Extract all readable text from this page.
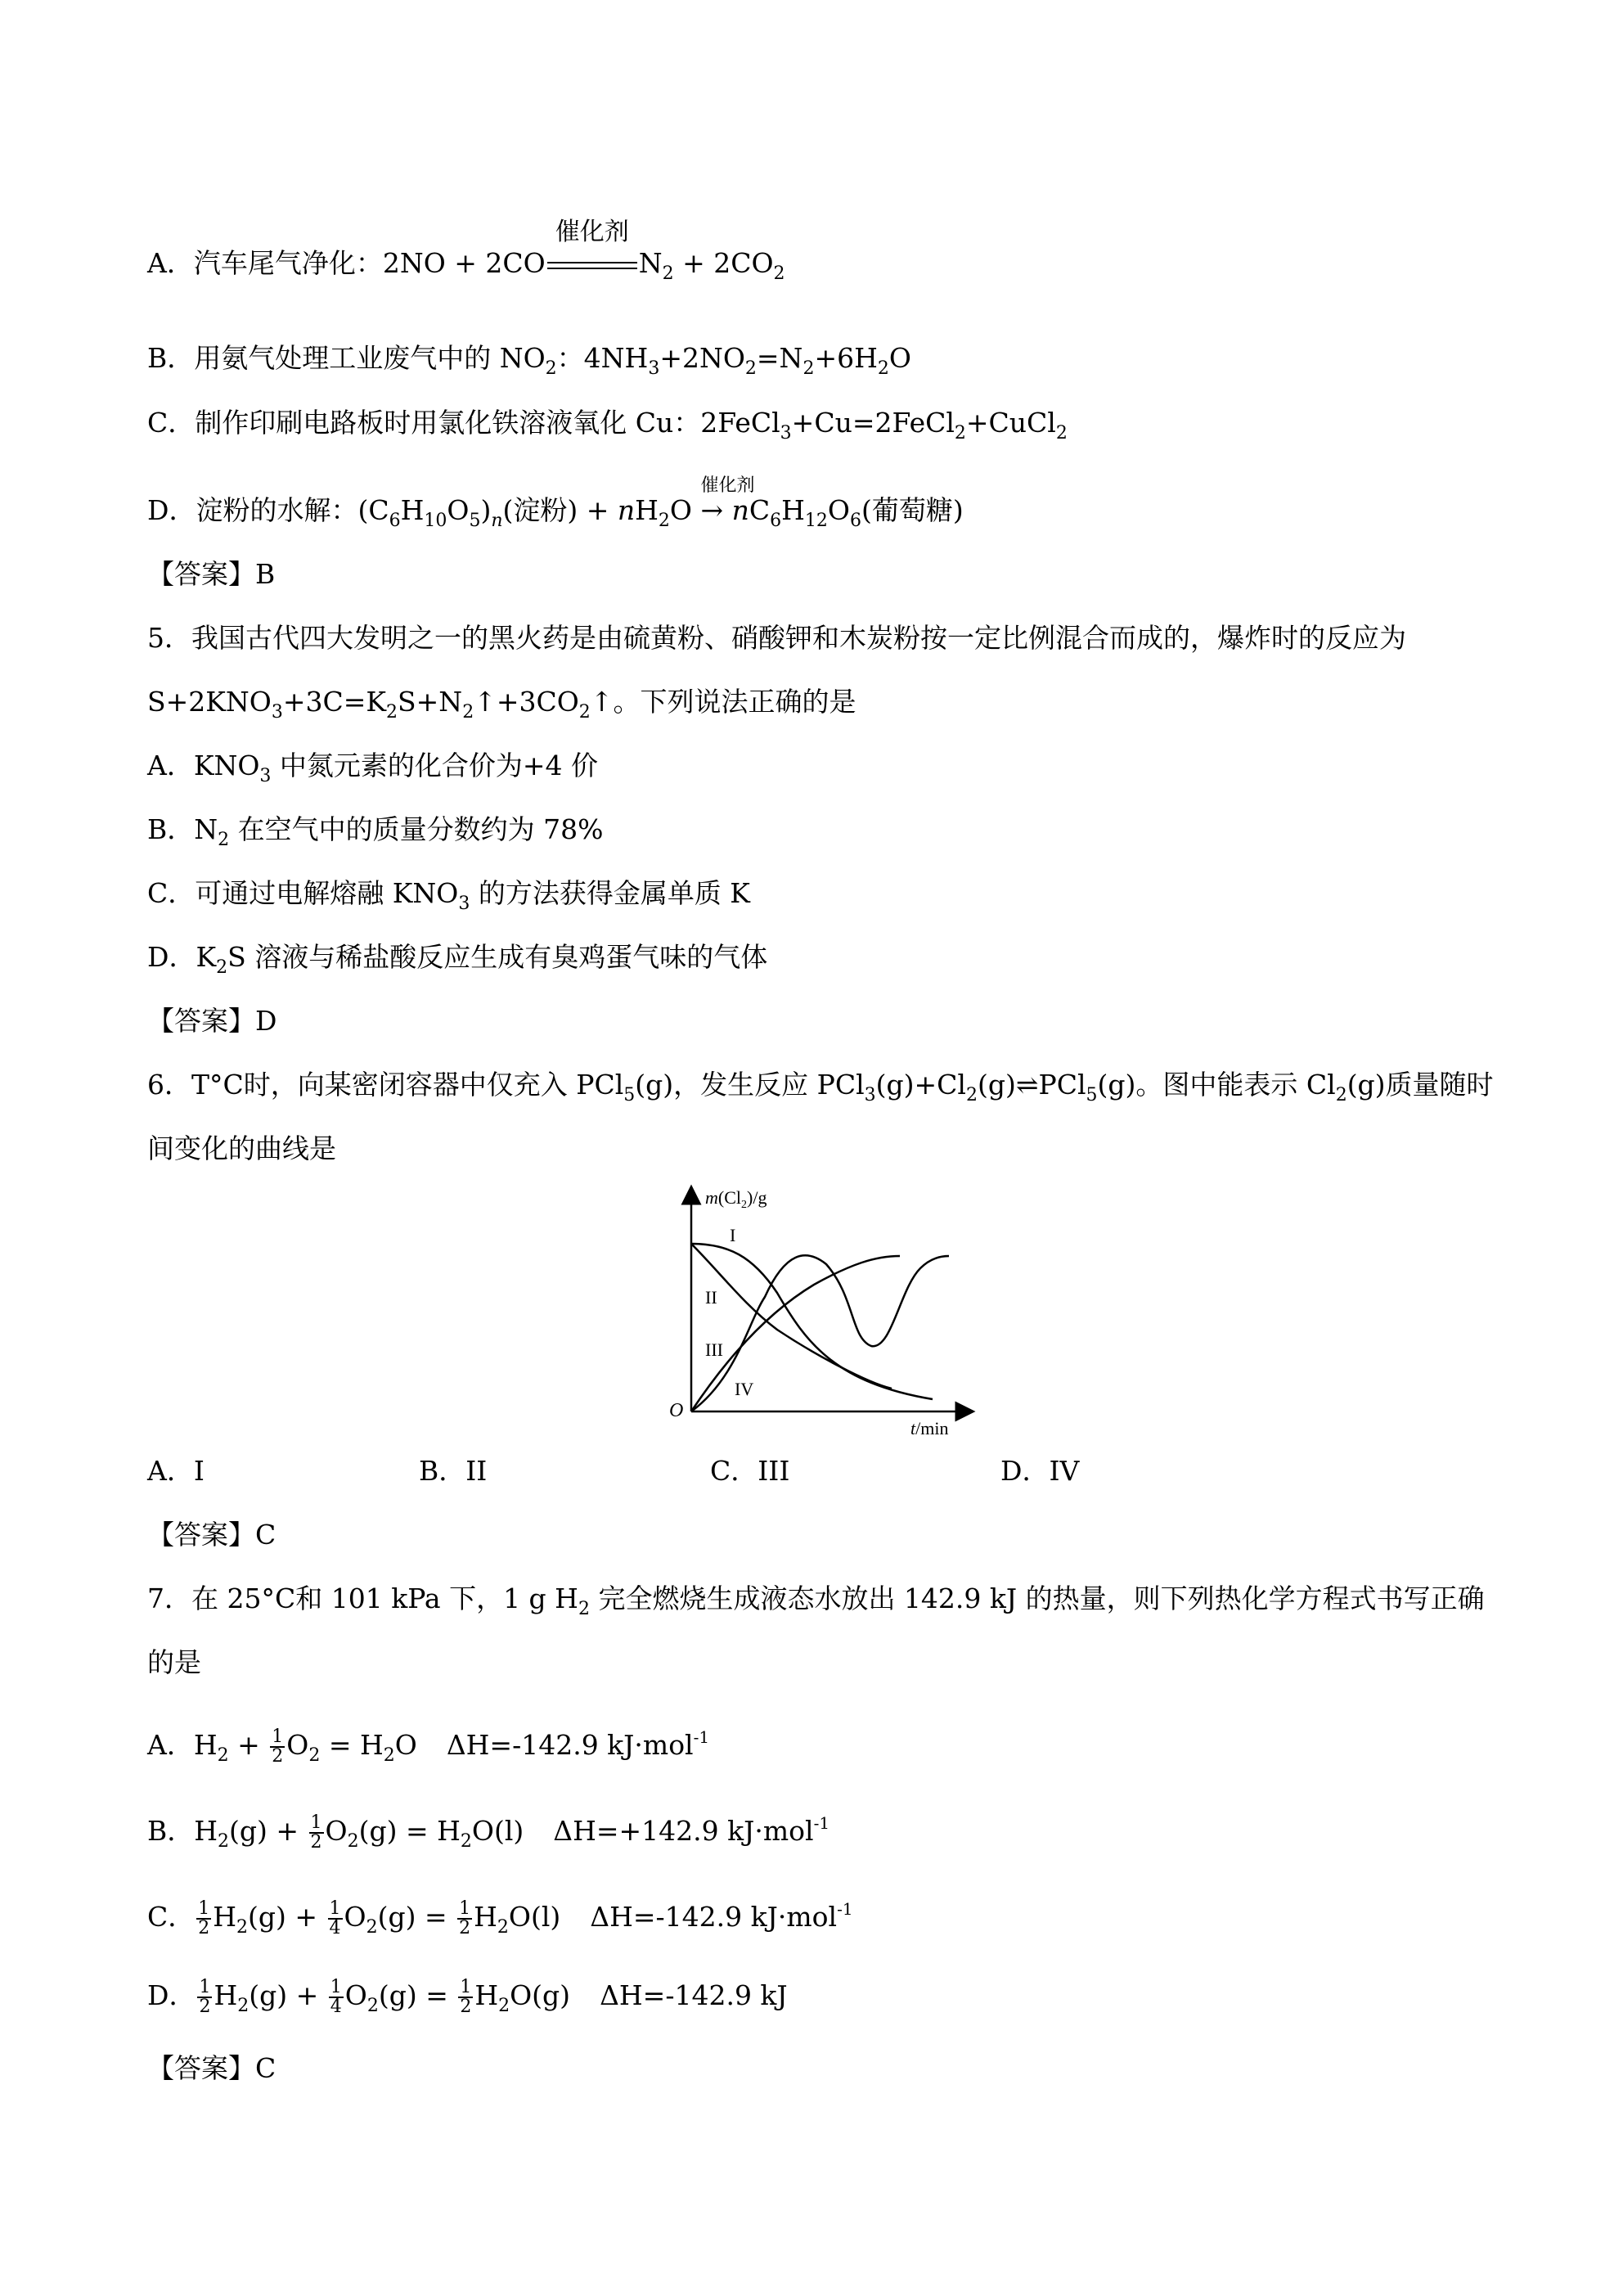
A．汽车尾气净化：2NO + 2CO
催化剂
$N_2 + 2CO_2$
B．用氨气处理工业废气中的 $NO_2$：$4NH_3+2NO_2=N_2+6H_2O$
C．制作印刷电路板时用氯化铁溶液氧化 Cu：2FeCl$_3$+Cu=2FeCl$_2$+CuCl$_2$
D．淀粉的水解：$(C_6H_{10}O_5)_n$(淀粉) + $nH_2O$
催化剂
→ $nC_6H_{12}O_6$(葡萄糖)
【答案】B
5．我国古代四大发明之一的黑火药是由硫黄粉、硝酸钾和木炭粉按一定比例混合而成的，爆炸时的反应为
$S+2KNO_3+3C=K_2S+N_2↑+3CO_2↑$。下列说法正确的是
A．$KNO_3$ 中氮元素的化合价为+4 价
B．$N_2$ 在空气中的质量分数约为 78%
C．可通过电解熔融 $KNO_3$ 的方法获得金属单质 K
D．$K_2S$ 溶液与稀盐酸反应生成有臭鸡蛋气味的气体
【答案】D
6．T°C时，向某密闭容器中仅充入 PCl$_5$(g)，发生反应 $PCl_3(g)+Cl_2(g)\rightleftharpoons PCl_5(g)$。图中能表示 $Cl_2(g)$质量随时
间变化的曲线是
$m(Cl_2)/g$
t/min
O
I
II
III
IV
A．I	B．II	C．III	D．IV
【答案】C
7．在 25°C和 101 kPa 下，1 g $H_2$ 完全燃烧生成液态水放出 142.9 kJ 的热量，则下列热化学方程式书写正确
的是
A．$H_2 + \frac{1}{2} O_2 = H_2O$ ΔH=-142.9 kJ·mol$^{-1}$
B．$H_2(g) + \frac{1}{2} O_2(g) = H_2O(l)$ ΔH=+142.9 kJ·mol$^{-1}$
C． $\frac{1}{2} H_2(g) + \frac{1}{4} O_2(g) = \frac{1}{2} H_2O(l)$ ΔH=-142.9 kJ·mol$^{-1}$
D． $\frac{1}{2} H_2(g) + \frac{1}{4} O_2(g) = \frac{1}{2} H_2O(g)$ ΔH=-142.9 kJ
【答案】C
